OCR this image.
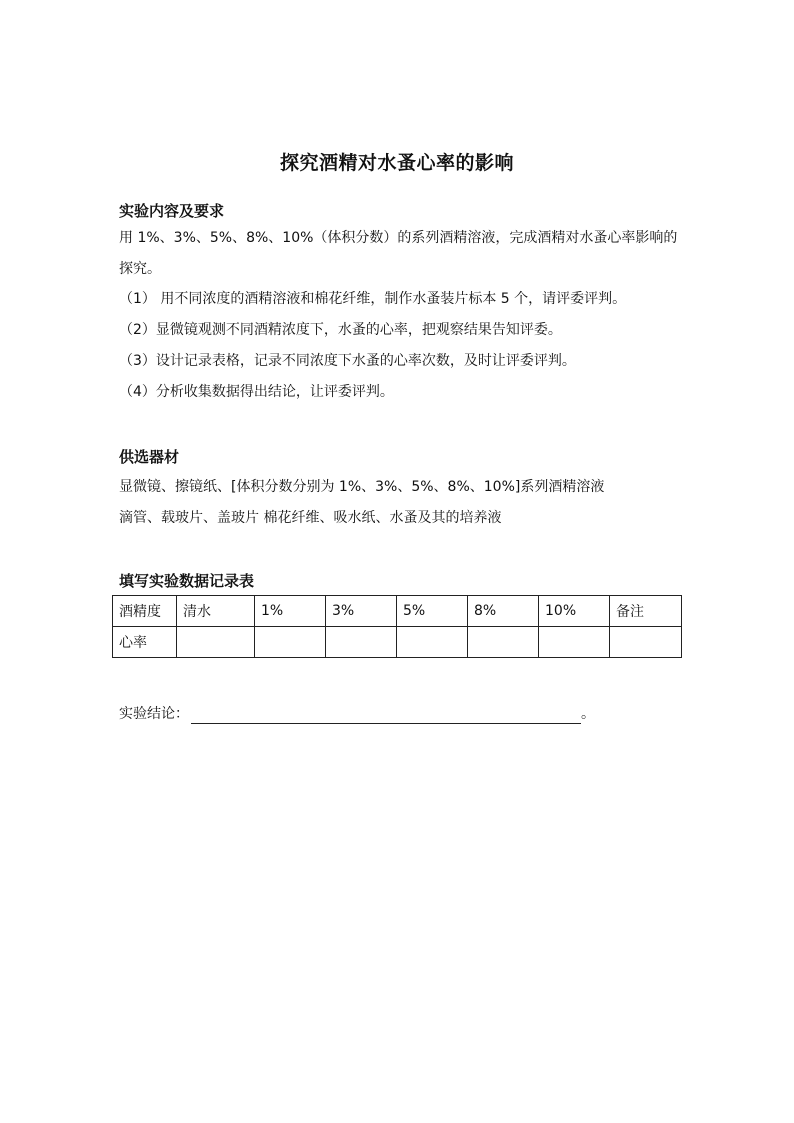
探究酒精对水蚤心率的影响
实验内容及要求
用 1%、3%、5%、8%、10%（体积分数）的系列酒精溶液，完成酒精对水蚤心率影响的探究。
（1） 用不同浓度的酒精溶液和棉花纤维，制作水蚤装片标本 5 个，请评委评判。
（2）显微镜观测不同酒精浓度下，水蚤的心率，把观察结果告知评委。
（3）设计记录表格，记录不同浓度下水蚤的心率次数，及时让评委评判。
（4）分析收集数据得出结论，让评委评判。
供选器材
显微镜、擦镜纸、[体积分数分别为 1%、3%、5%、8%、10%]系列酒精溶液
滴管、载玻片、盖玻片 棉花纤维、吸水纸、水蚤及其的培养液
填写实验数据记录表
酒精度	清水	1%	3%	5%	8%	10%	备注
心率							
实验结论：	。
